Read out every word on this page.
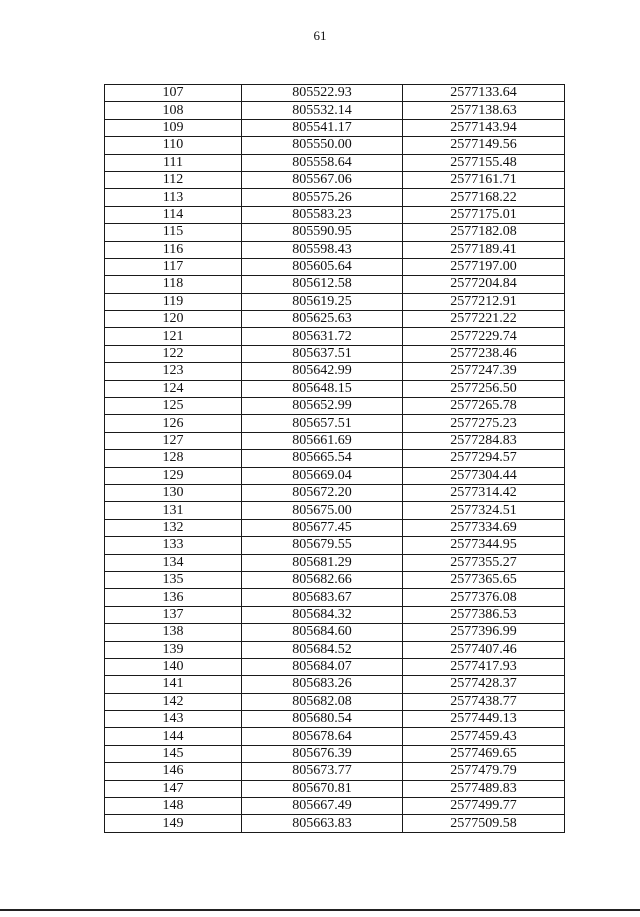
61
107	805522.93	2577133.64
108	805532.14	2577138.63
109	805541.17	2577143.94
110	805550.00	2577149.56
111	805558.64	2577155.48
112	805567.06	2577161.71
113	805575.26	2577168.22
114	805583.23	2577175.01
115	805590.95	2577182.08
116	805598.43	2577189.41
117	805605.64	2577197.00
118	805612.58	2577204.84
119	805619.25	2577212.91
120	805625.63	2577221.22
121	805631.72	2577229.74
122	805637.51	2577238.46
123	805642.99	2577247.39
124	805648.15	2577256.50
125	805652.99	2577265.78
126	805657.51	2577275.23
127	805661.69	2577284.83
128	805665.54	2577294.57
129	805669.04	2577304.44
130	805672.20	2577314.42
131	805675.00	2577324.51
132	805677.45	2577334.69
133	805679.55	2577344.95
134	805681.29	2577355.27
135	805682.66	2577365.65
136	805683.67	2577376.08
137	805684.32	2577386.53
138	805684.60	2577396.99
139	805684.52	2577407.46
140	805684.07	2577417.93
141	805683.26	2577428.37
142	805682.08	2577438.77
143	805680.54	2577449.13
144	805678.64	2577459.43
145	805676.39	2577469.65
146	805673.77	2577479.79
147	805670.81	2577489.83
148	805667.49	2577499.77
149	805663.83	2577509.58
